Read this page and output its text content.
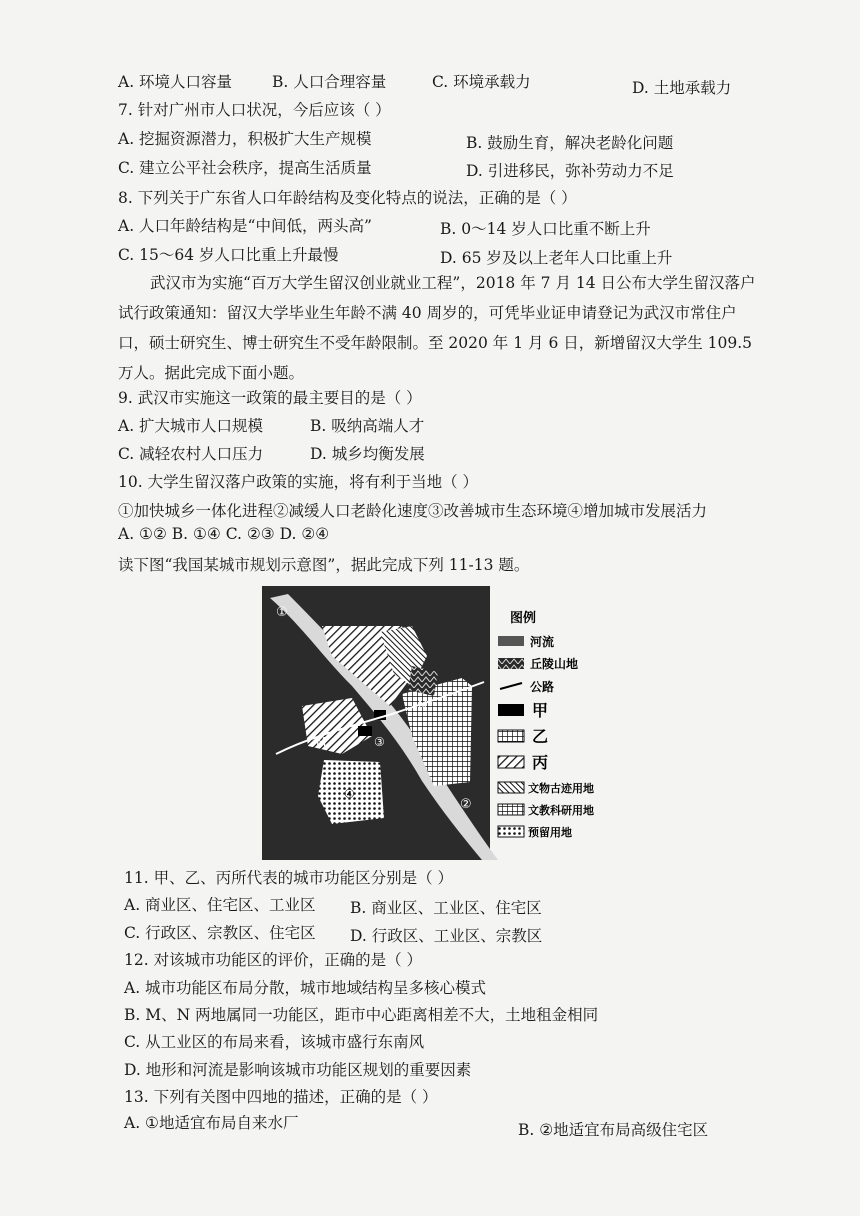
A. 环境人口容量	B. 人口合理容量	C. 环境承载力	D. 土地承载力
7. 针对广州市人口状况，今后应该（ ）
A. 挖掘资源潜力，积极扩大生产规模	B. 鼓励生育，解决老龄化问题
C. 建立公平社会秩序，提高生活质量	D. 引进移民，弥补劳动力不足
8. 下列关于广东省人口年龄结构及变化特点的说法，正确的是（ ）
A. 人口年龄结构是“中间低，两头高”	B. 0～14 岁人口比重不断上升
C. 15～64 岁人口比重上升最慢	D. 65 岁及以上老年人口比重上升
武汉市为实施“百万大学生留汉创业就业工程”，2018 年 7 月 14 日公布大学生留汉落户试行政策通知：留汉大学毕业生年龄不满 40 周岁的，可凭毕业证申请登记为武汉市常住户口，硕士研究生、博士研究生不受年龄限制。至 2020 年 1 月 6 日，新增留汉大学生 109.5 万人。据此完成下面小题。
9. 武汉市实施这一政策的最主要目的是（ ）
A. 扩大城市人口规模	B. 吸纳高端人才
C. 减轻农村人口压力	D. 城乡均衡发展
10. 大学生留汉落户政策的实施，将有利于当地（ ）
①加快城乡一体化进程②减缓人口老龄化速度③改善城市生态环境④增加城市发展活力
A. ①② B. ①④ C. ②③ D. ②④
读下图“我国某城市规划示意图”，据此完成下列 11-13 题。
M
N
①
②
③
④
图例
河流
丘陵山地
公路
甲
乙
丙
文物古迹用地
文教科研用地
预留用地
11. 甲、乙、丙所代表的城市功能区分别是（ ）
A. 商业区、住宅区、工业区 B. 商业区、工业区、住宅区
C. 行政区、宗教区、住宅区 D. 行政区、工业区、宗教区
12. 对该城市功能区的评价，正确的是（ ）
A. 城市功能区布局分散，城市地域结构呈多核心模式
B. M、N 两地属同一功能区，距市中心距离相差不大，土地租金相同
C. 从工业区的布局来看，该城市盛行东南风
D. 地形和河流是影响该城市功能区规划的重要因素
13. 下列有关图中四地的描述，正确的是（ ）
A. ①地适宜布局自来水厂	B. ②地适宜布局高级住宅区
